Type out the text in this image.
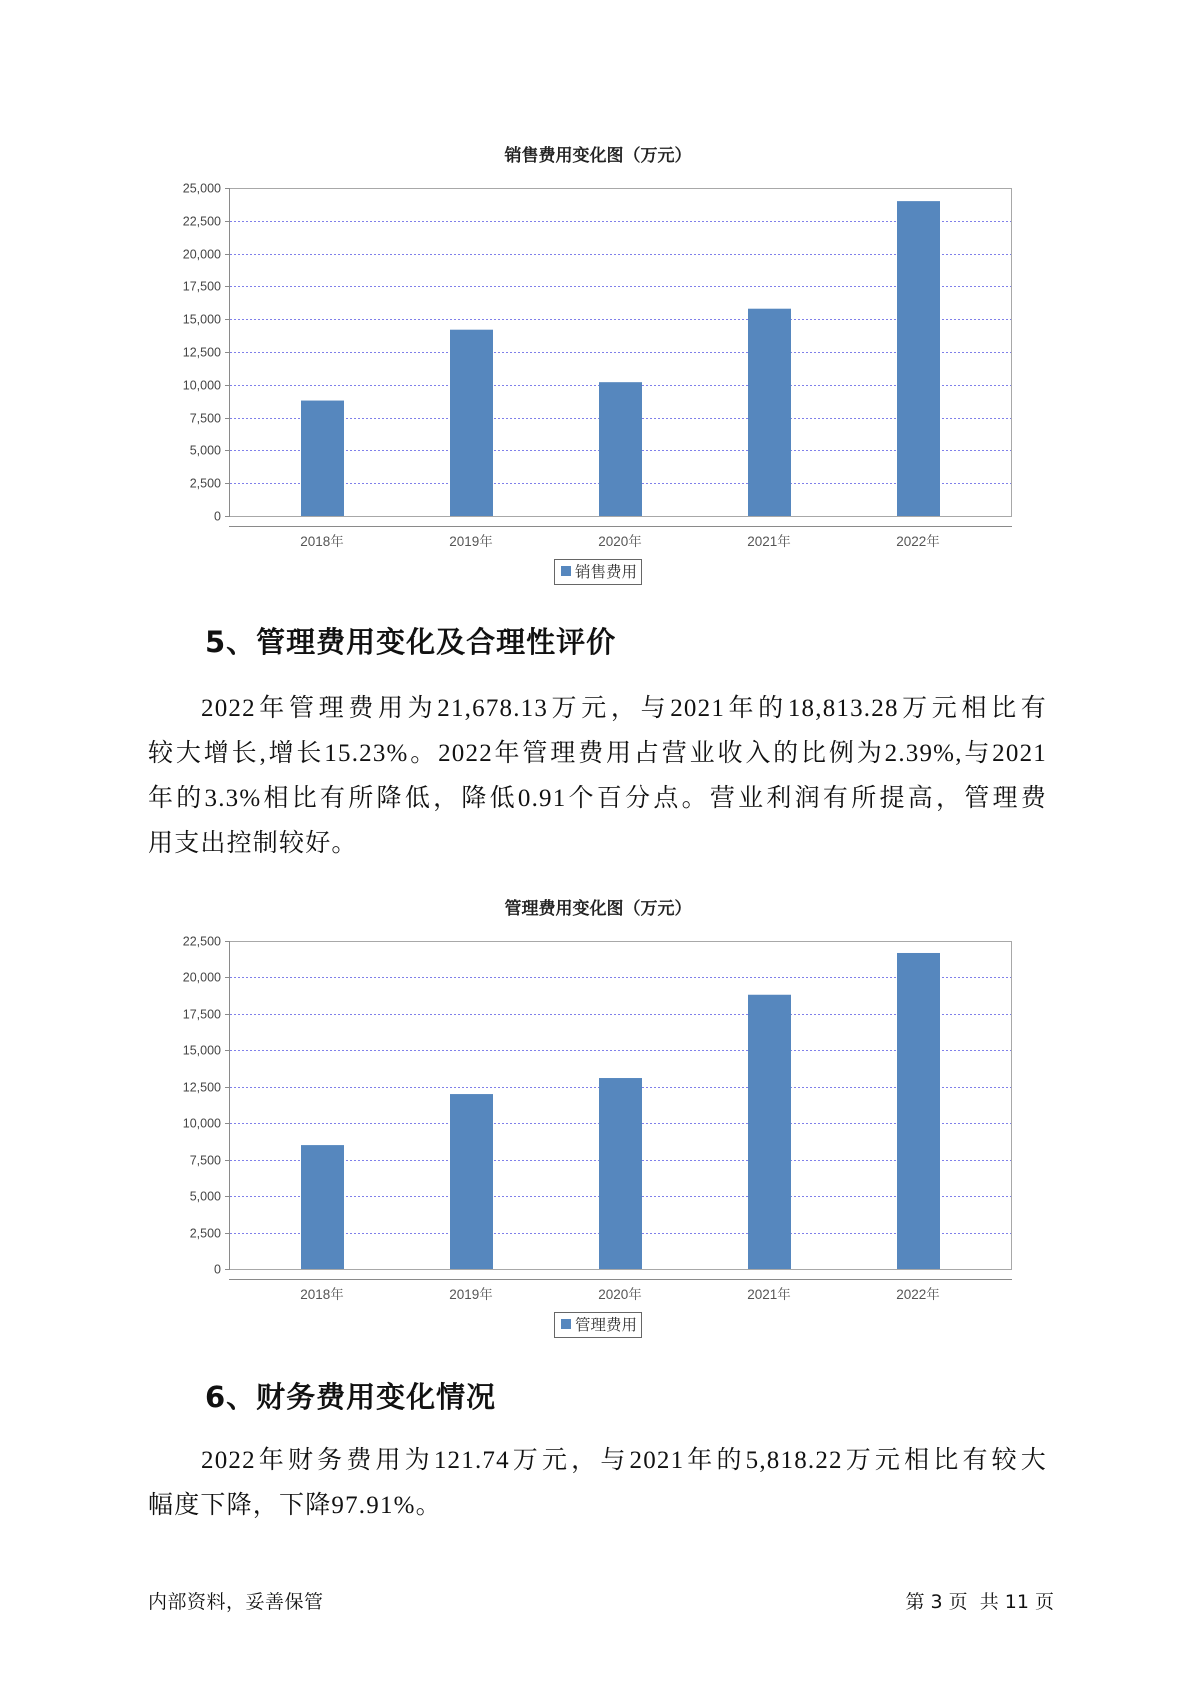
销售费用变化图（万元）
2018年	2019年	2020年	2021年	2022年
0
2,500
5,000
7,500
10,000
12,500
15,000
17,500
20,000
22,500
25,000
销售费用
5、管理费用变化及合理性评价
2022年管理费用为21,678.13万元，与2021年的18,813.28万元相比有
较大增长,增长15.23%。2022年管理费用占营业收入的比例为2.39%,与2021
年的3.3%相比有所降低，降低0.91个百分点。营业利润有所提高，管理费
用支出控制较好。
管理费用变化图（万元）
2018年	2019年	2020年	2021年	2022年
0
2,500
5,000
7,500
10,000
12,500
15,000
17,500
20,000
22,500
管理费用
6、财务费用变化情况
2022年财务费用为121.74万元，与2021年的5,818.22万元相比有较大
幅度下降，下降97.91%。
内部资料，妥善保管	第 3 页  共 11 页
